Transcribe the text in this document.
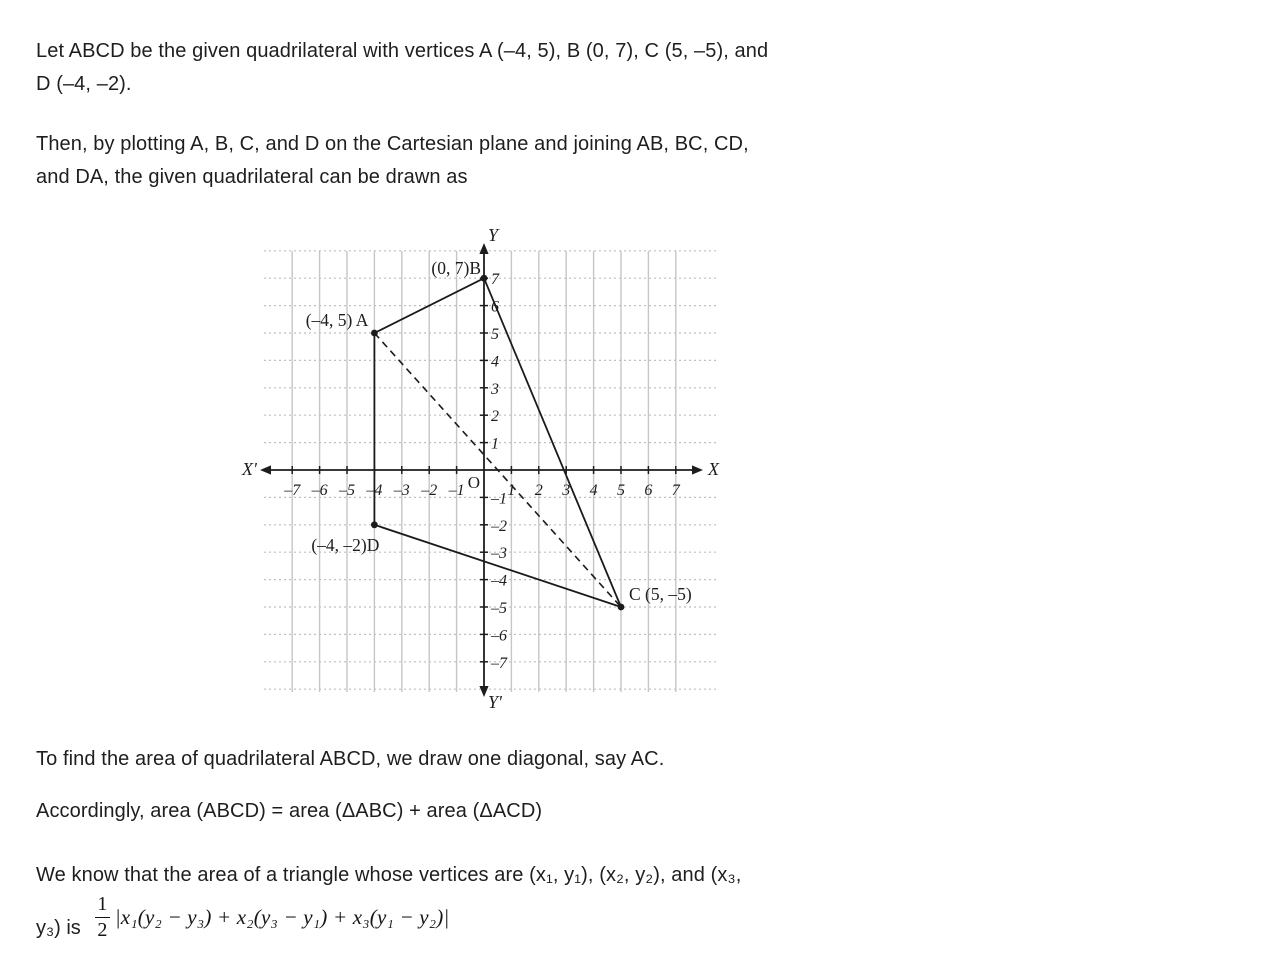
Let ABCD be the given quadrilateral with vertices A (–4, 5), B (0, 7), C (5, –5), and
D (–4, –2).
Then, by plotting A, B, C, and D on the Cartesian plane and joining AB, BC, CD,
and DA, the given quadrilateral can be drawn as
–7 –6 –5 –4 –3 –2 –1	1 2 3 4 5 6 7
7
6
5
4
3
2
1
–1
–2
–3
–4
–5
–6
–7
O
Y
Y'
X'	X
(–4, 5) A
(0, 7)B
C (5, –5)
(–4, –2)D
To find the area of quadrilateral ABCD, we draw one diagonal, say AC.
Accordingly, area (ABCD) = area (ΔABC) + area (ΔACD)
We know that the area of a triangle whose vertices are (x₁, y₁), (x₂, y₂), and (x₃,
y₃) is $\frac{1}{2} |x_1(y_2 - y_3) + x_2(y_3 - y_1) + x_3(y_1 - y_2)|$
